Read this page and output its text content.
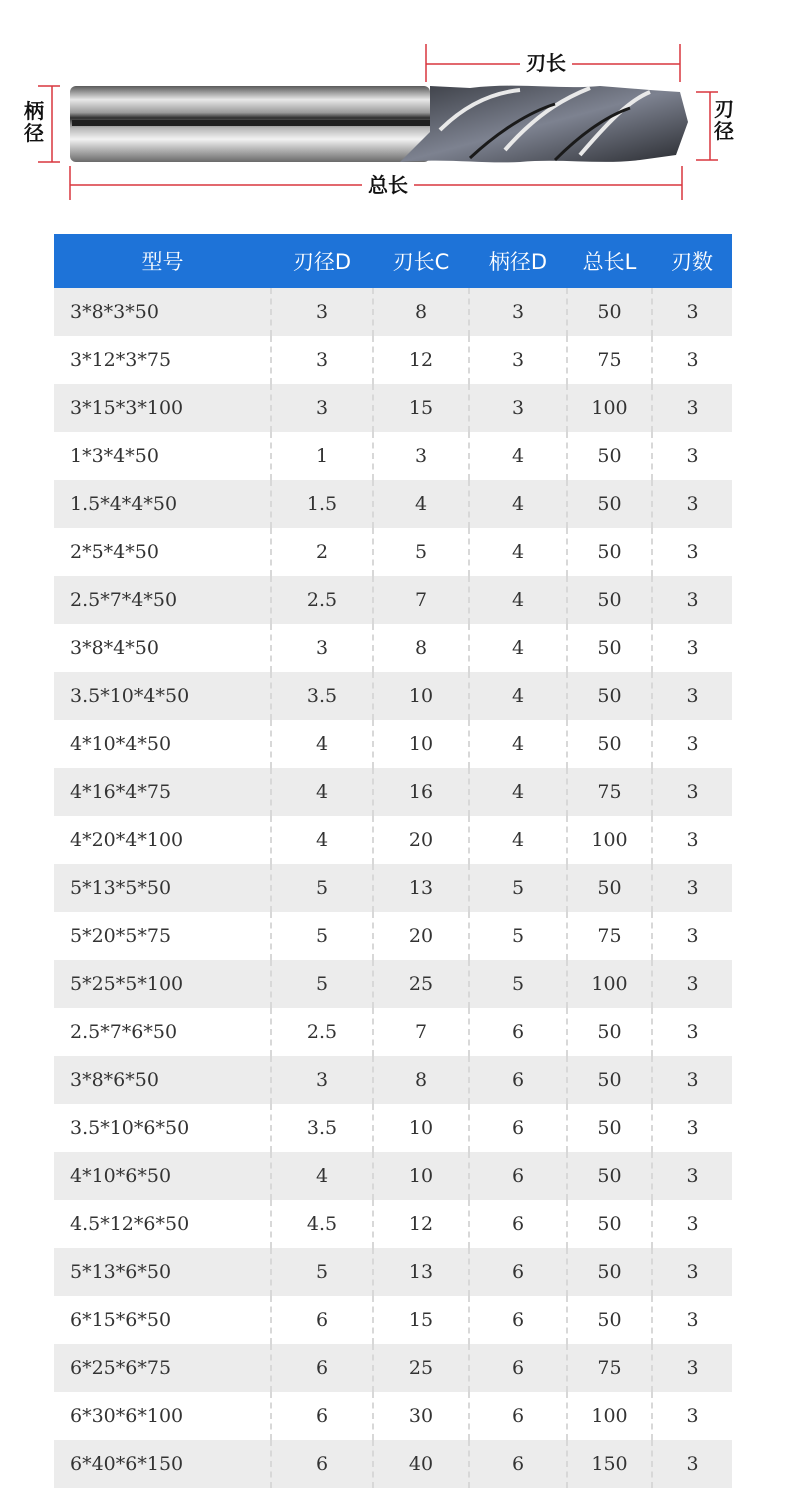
刃长
总长
柄径
刃径
型号	刃径D	刃长C	柄径D	总长L	刃数
3*8*3*50	3	8	3	50	3
3*12*3*75	3	12	3	75	3
3*15*3*100	3	15	3	100	3
1*3*4*50	1	3	4	50	3
1.5*4*4*50	1.5	4	4	50	3
2*5*4*50	2	5	4	50	3
2.5*7*4*50	2.5	7	4	50	3
3*8*4*50	3	8	4	50	3
3.5*10*4*50	3.5	10	4	50	3
4*10*4*50	4	10	4	50	3
4*16*4*75	4	16	4	75	3
4*20*4*100	4	20	4	100	3
5*13*5*50	5	13	5	50	3
5*20*5*75	5	20	5	75	3
5*25*5*100	5	25	5	100	3
2.5*7*6*50	2.5	7	6	50	3
3*8*6*50	3	8	6	50	3
3.5*10*6*50	3.5	10	6	50	3
4*10*6*50	4	10	6	50	3
4.5*12*6*50	4.5	12	6	50	3
5*13*6*50	5	13	6	50	3
6*15*6*50	6	15	6	50	3
6*25*6*75	6	25	6	75	3
6*30*6*100	6	30	6	100	3
6*40*6*150	6	40	6	150	3
